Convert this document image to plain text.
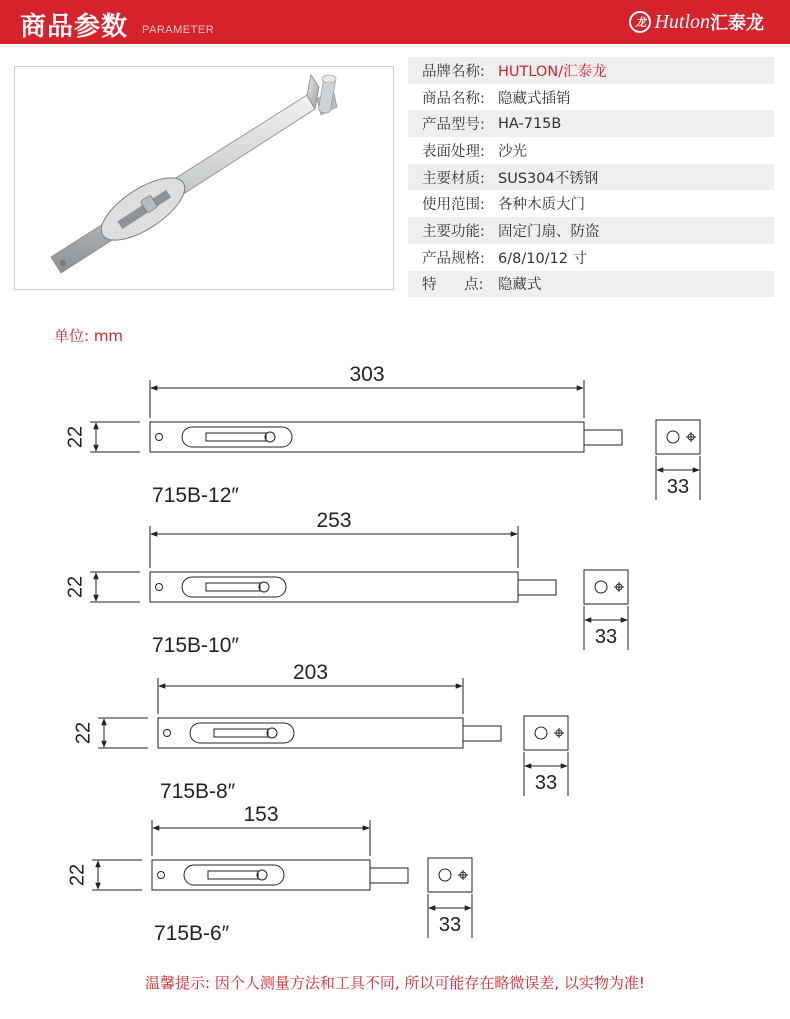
商品参数 PARAMETER
龙 Hutlon 汇泰龙
品牌名称: HUTLON/汇泰龙
商品名称: 隐藏式插销
产品型号: HA-715B
表面处理: 沙光
主要材质: SUS304不锈钢
使用范围: 各种木质大门
主要功能: 固定门扇、防盗
产品规格: 6/8/10/12 寸
特      点: 隐藏式
单位: mm
303
22
33
715B-12″
253
22
33
715B-10″
203
22
33
715B-8″
153
22
33
715B-6″
温馨提示: 因个人测量方法和工具不同, 所以可能存在略微误差, 以实物为准!
